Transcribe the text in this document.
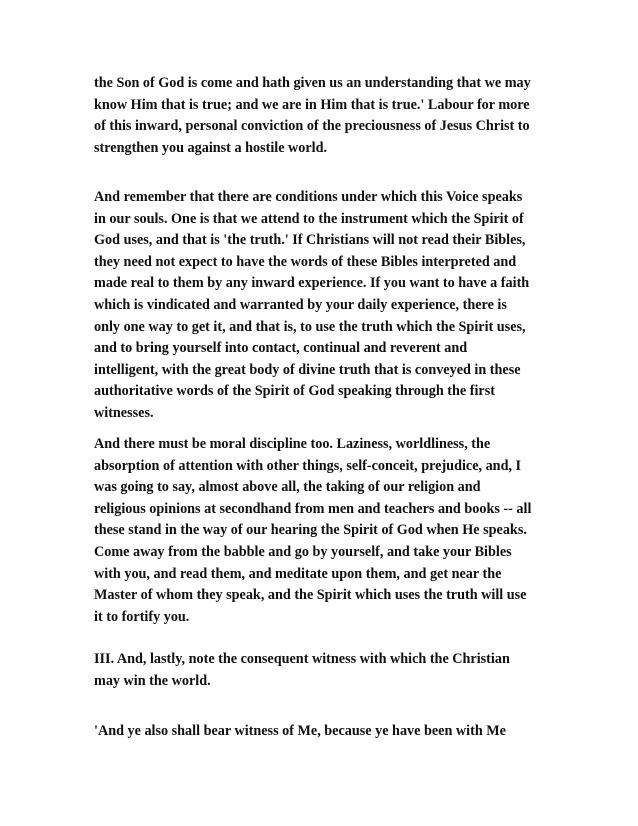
the Son of God is come and hath given us an understanding that we may
know Him that is true; and we are in Him that is true.' Labour for more
of this inward, personal conviction of the preciousness of Jesus Christ to
strengthen you against a hostile world.

And remember that there are conditions under which this Voice speaks
in our souls. One is that we attend to the instrument which the Spirit of
God uses, and that is 'the truth.' If Christians will not read their Bibles,
they need not expect to have the words of these Bibles interpreted and
made real to them by any inward experience. If you want to have a faith
which is vindicated and warranted by your daily experience, there is
only one way to get it, and that is, to use the truth which the Spirit uses,
and to bring yourself into contact, continual and reverent and
intelligent, with the great body of divine truth that is conveyed in these
authoritative words of the Spirit of God speaking through the first
witnesses.

And there must be moral discipline too. Laziness, worldliness, the
absorption of attention with other things, self-conceit, prejudice, and, I
was going to say, almost above all, the taking of our religion and
religious opinions at secondhand from men and teachers and books -- all
these stand in the way of our hearing the Spirit of God when He speaks.
Come away from the babble and go by yourself, and take your Bibles
with you, and read them, and meditate upon them, and get near the
Master of whom they speak, and the Spirit which uses the truth will use
it to fortify you.

III. And, lastly, note the consequent witness with which the Christian
may win the world.

'And ye also shall bear witness of Me, because ye have been with Me
